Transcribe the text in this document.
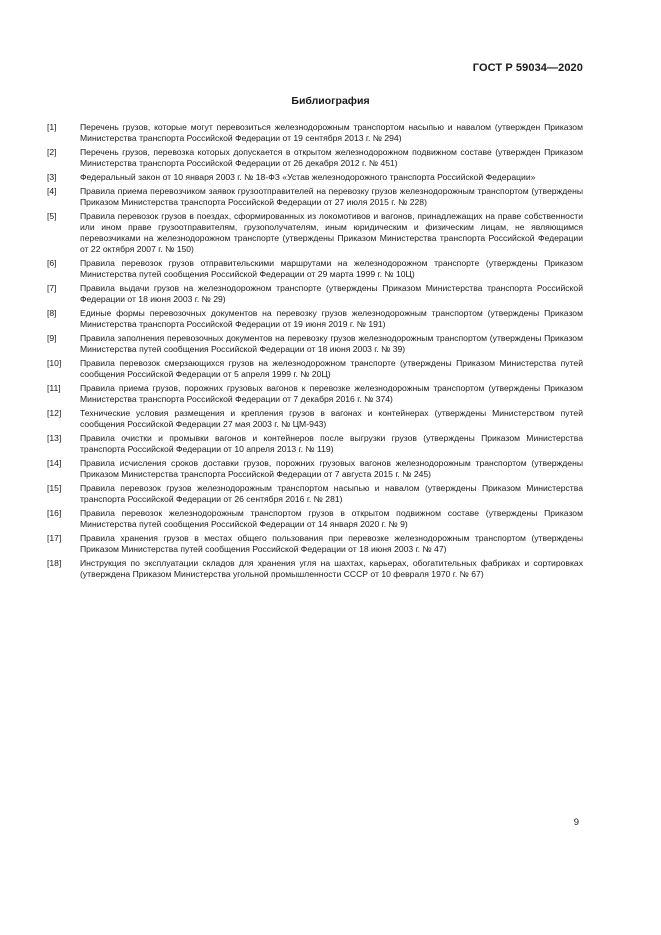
ГОСТ Р 59034—2020
Библиография
[1]	Перечень грузов, которые могут перевозиться железнодорожным транспортом насыпью и навалом (утвержден Приказом Министерства транспорта Российской Федерации от 19 сентября 2013 г. № 294)
[2]	Перечень грузов, перевозка которых допускается в открытом железнодорожном подвижном составе (утвержден Приказом Министерства транспорта Российской Федерации от 26 декабря 2012 г. № 451)
[3]	Федеральный закон от 10 января 2003 г. № 18-ФЗ «Устав железнодорожного транспорта Российской Федерации»
[4]	Правила приема перевозчиком заявок грузоотправителей на перевозку грузов железнодорожным транспортом (утверждены Приказом Министерства транспорта Российской Федерации от 27 июля 2015 г. № 228)
[5]	Правила перевозок грузов в поездах, сформированных из локомотивов и вагонов, принадлежащих на праве собственности или ином праве грузоотправителям, грузополучателям, иным юридическим и физическим лицам, не являющимся перевозчиками на железнодорожном транспорте (утверждены Приказом Министерства транспорта Российской Федерации от 22 октября 2007 г. № 150)
[6]	Правила перевозок грузов отправительскими маршрутами на железнодорожном транспорте (утверждены Приказом Министерства путей сообщения Российской Федерации от 29 марта 1999 г. № 10Ц)
[7]	Правила выдачи грузов на железнодорожном транспорте (утверждены Приказом Министерства транспорта Российской Федерации от 18 июня 2003 г. № 29)
[8]	Единые формы перевозочных документов на перевозку грузов железнодорожным транспортом (утверждены Приказом Министерства транспорта Российской Федерации от 19 июня 2019 г. № 191)
[9]	Правила заполнения перевозочных документов на перевозку грузов железнодорожным транспортом (утверждены Приказом Министерства путей сообщения Российской Федерации от 18 июня 2003 г. № 39)
[10]	Правила перевозок смерзающихся грузов на железнодорожном транспорте (утверждены Приказом Министерства путей сообщения Российской Федерации от 5 апреля 1999 г. № 20Ц)
[11]	Правила приема грузов, порожних грузовых вагонов к перевозке железнодорожным транспортом (утверждены Приказом Министерства транспорта Российской Федерации от 7 декабря 2016 г. № 374)
[12]	Технические условия размещения и крепления грузов в вагонах и контейнерах (утверждены Министерством путей сообщения Российской Федерации 27 мая 2003 г. № ЦМ-943)
[13]	Правила очистки и промывки вагонов и контейнеров после выгрузки грузов (утверждены Приказом Министерства транспорта Российской Федерации от 10 апреля 2013 г. № 119)
[14]	Правила исчисления сроков доставки грузов, порожних грузовых вагонов железнодорожным транспортом (утверждены Приказом Министерства транспорта Российской Федерации от 7 августа 2015 г. № 245)
[15]	Правила перевозок грузов железнодорожным транспортом насыпью и навалом (утверждены Приказом Министерства транспорта Российской Федерации от 26 сентября 2016 г. № 281)
[16]	Правила перевозок железнодорожным транспортом грузов в открытом подвижном составе (утверждены Приказом Министерства путей сообщения Российской Федерации от 14 января 2020 г. № 9)
[17]	Правила хранения грузов в местах общего пользования при перевозке железнодорожным транспортом (утверждены Приказом Министерства путей сообщения Российской Федерации от 18 июня 2003 г. № 47)
[18]	Инструкция по эксплуатации складов для хранения угля на шахтах, карьерах, обогатительных фабриках и сортировках (утверждена Приказом Министерства угольной промышленности СССР от 10 февраля 1970 г. № 67)
9
